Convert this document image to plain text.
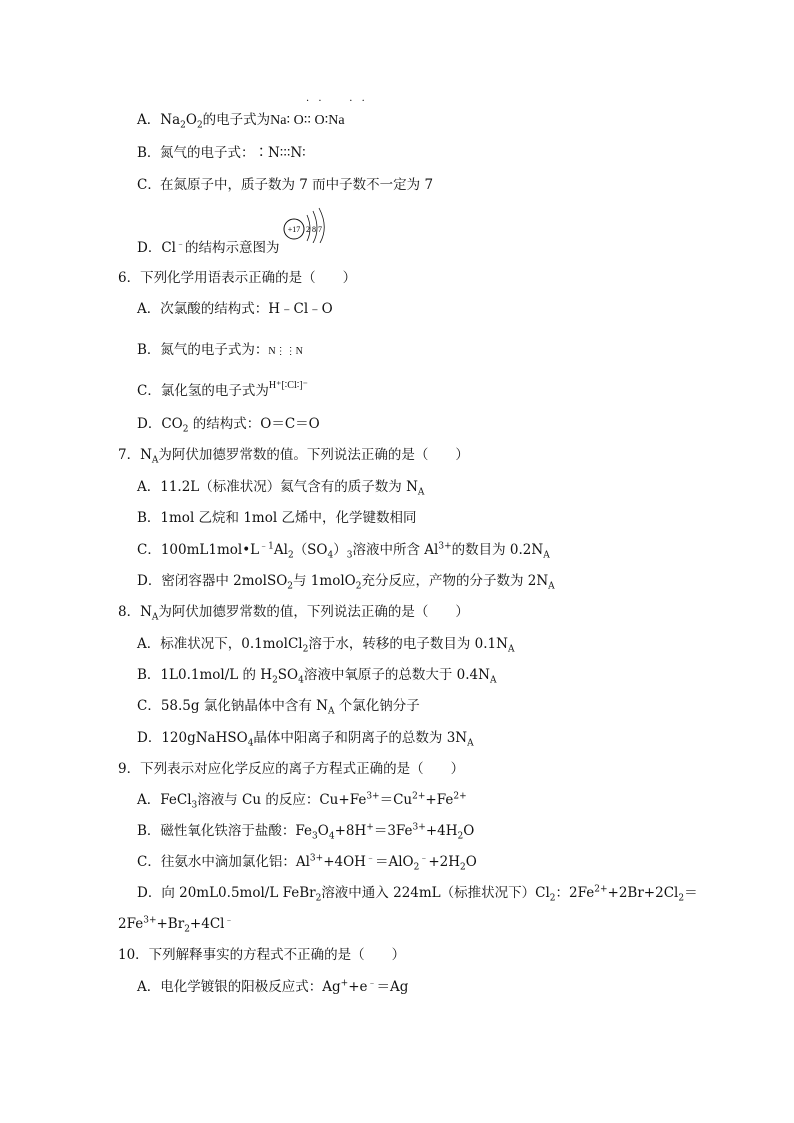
A．$Na_2O_2$的电子式为Na∶ O∶∶ O∶Na
· ·    · ·
B． 氮气的电子式：∶N∶∶∶N∶
C． 在氮原子中，质子数为 7 而中子数不一定为 7
D．Cl﹣的结构示意图为
+17 2 8 7
6．下列化学用语表示正确的是（　　）
A．次氯酸的结构式：H﹣Cl﹣O
B．氮气的电子式为：N⋮⋮N
C．氯化氢的电子式为$^{H^+[∶Cl∶]^-}$
D．$CO_2$ 的结构式：O＝C＝O
7．$N_A$为阿伏加德罗常数的值。下列说法正确的是（　　）
A．11.2L（标准状况）氦气含有的质子数为 $N_A$
B．1mol 乙烷和 1mol 乙烯中，化学键数相同
C．$100mL1mol•L^{﹣1}Al_2(SO_4)_3$溶液中所含 $Al^{3+}$的数目为 $0.2N_A$
D．密闭容器中 2molSO$_2$与 1molO$_2$充分反应，产物的分子数为 $2N_A$
8．$N_A$为阿伏加德罗常数的值，下列说法正确的是（　　）
A．标准状况下，0.1molCl$_2$溶于水，转移的电子数目为 $0.1N_A$
B．1L0.1mol/L 的 $H_2SO_4$溶液中氧原子的总数大于 $0.4N_A$
C．58.5g 氯化钠晶体中含有 $N_A$ 个氯化钠分子
D．120gNaHSO$_4$晶体中阳离子和阴离子的总数为 $3N_A$
9．下列表示对应化学反应的离子方程式正确的是（　　）
A．FeCl$_3$溶液与 Cu 的反应：$Cu+Fe^{3+}=Cu^{2+}+Fe^{2+}$
B．磁性氧化铁溶于盐酸：$Fe_3O_4+8H^+=3Fe^{3+}+4H_2O$
C．往氨水中滴加氯化铝：$Al^{3+}+4OH^﹣=AlO_2^﹣+2H_2O$
D．向 20mL0.5mol/L FeBr$_2$溶液中通入 224mL（标推状况下）$Cl_2$：$2Fe^{2+}+2Br+2Cl_2=$
$2Fe^{3+}+Br_2+4Cl^﹣$
10．下列解释事实的方程式不正确的是（　　）
A．电化学镀银的阳极反应式：Ag++e﹣＝Ag
